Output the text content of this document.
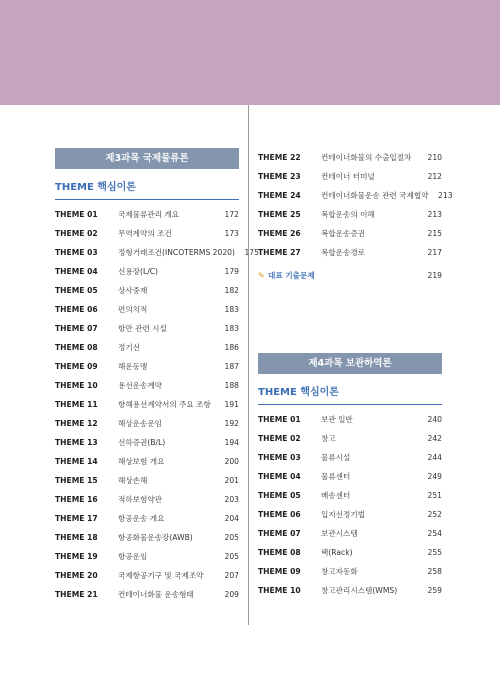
제3과목 국제물류론
THEME 핵심이론
THEME 01	국제물류관리 개요	172
THEME 02	무역계약의 조건	173
THEME 03	정형거래조건(INCOTERMS 2020)	175
THEME 04	신용장(L/C)	179
THEME 05	상사중재	182
THEME 06	편의치적	183
THEME 07	항만 관련 시설	183
THEME 08	정기선	186
THEME 09	해운동맹	187
THEME 10	용선운송계약	188
THEME 11	항해용선계약서의 주요 조항	191
THEME 12	해상운송운임	192
THEME 13	선하증권(B/L)	194
THEME 14	해상보험 개요	200
THEME 15	해상손해	201
THEME 16	적하보험약관	203
THEME 17	항공운송 개요	204
THEME 18	항공화물운송장(AWB)	205
THEME 19	항공운임	205
THEME 20	국제항공기구 및 국제조약	207
THEME 21	컨테이너화물 운송형태	209
THEME 22	컨테이너화물의 수출입절차	210
THEME 23	컨테이너 터미널	212
THEME 24	컨테이너화물운송 관련 국제협약	213
THEME 25	복합운송의 이해	213
THEME 26	복합운송증권	215
THEME 27	복합운송경로	217
✎ 대표 기출문제	219
제4과목 보관하역론
THEME 핵심이론
THEME 01	보관 일반	240
THEME 02	창고	242
THEME 03	물류시설	244
THEME 04	물류센터	249
THEME 05	배송센터	251
THEME 06	입지선정기법	252
THEME 07	보관시스템	254
THEME 08	랙(Rack)	255
THEME 09	창고자동화	258
THEME 10	창고관리시스템(WMS)	259
